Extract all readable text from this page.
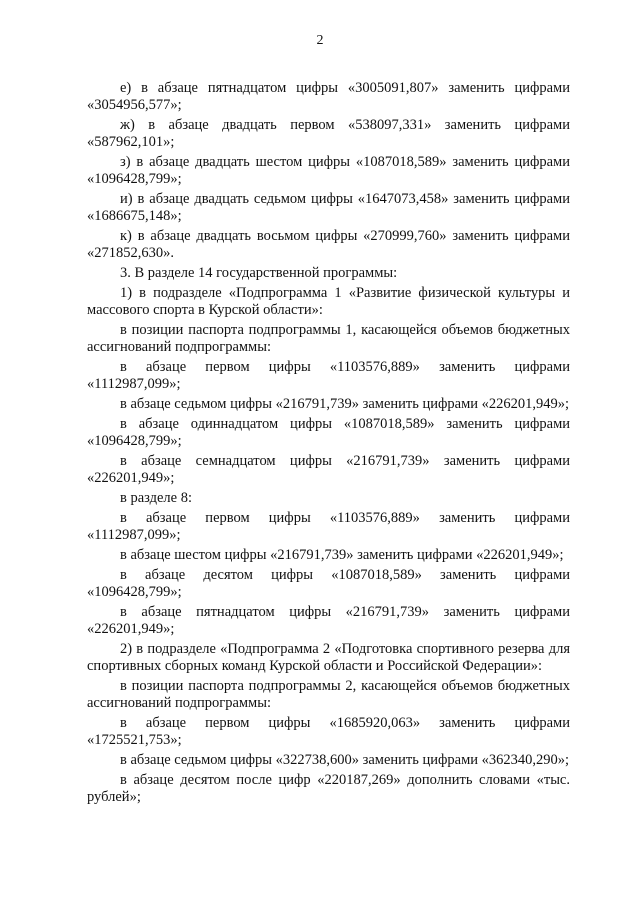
2

е) в абзаце пятнадцатом цифры «3005091,807» заменить цифрами «3054956,577»;

ж) в абзаце двадцать первом «538097,331» заменить цифрами «587962,101»;

з) в абзаце двадцать шестом цифры «1087018,589» заменить цифрами «1096428,799»;

и) в абзаце двадцать седьмом цифры «1647073,458» заменить цифрами «1686675,148»;

к) в абзаце двадцать восьмом цифры «270999,760» заменить цифрами «271852,630».

3. В разделе 14 государственной программы:

1) в подразделе «Подпрограмма 1 «Развитие физической культуры и массового спорта в Курской области»:

в позиции паспорта подпрограммы 1, касающейся объемов бюджетных ассигнований подпрограммы:

в абзаце первом цифры «1103576,889» заменить цифрами «1112987,099»;

в абзаце седьмом цифры «216791,739» заменить цифрами «226201,949»;

в абзаце одиннадцатом цифры «1087018,589» заменить цифрами «1096428,799»;

в абзаце семнадцатом цифры «216791,739» заменить цифрами «226201,949»;

в разделе 8:

в абзаце первом цифры «1103576,889» заменить цифрами «1112987,099»;

в абзаце шестом цифры «216791,739» заменить цифрами «226201,949»;

в абзаце десятом цифры «1087018,589» заменить цифрами «1096428,799»;

в абзаце пятнадцатом цифры «216791,739» заменить цифрами «226201,949»;

2) в подразделе «Подпрограмма 2 «Подготовка спортивного резерва для спортивных сборных команд Курской области и Российской Федерации»:

в позиции паспорта подпрограммы 2, касающейся объемов бюджетных ассигнований подпрограммы:

в абзаце первом цифры «1685920,063» заменить цифрами «1725521,753»;

в абзаце седьмом цифры «322738,600» заменить цифрами «362340,290»;

в абзаце десятом после цифр «220187,269» дополнить словами «тыс. рублей»;
